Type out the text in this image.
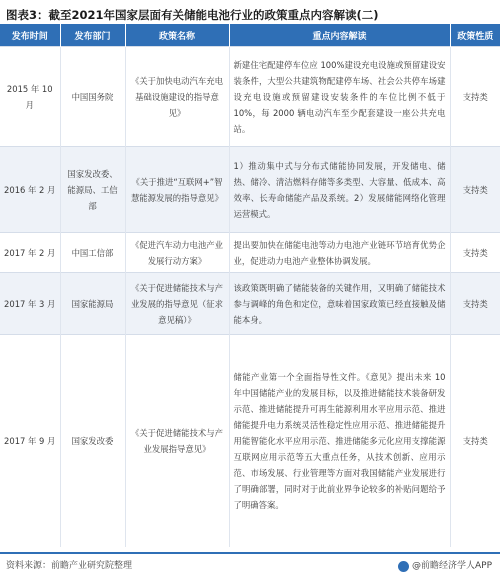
图表3：截至2021年国家层面有关储能电池行业的政策重点内容解读(二)
发布时间	发布部门	政策名称	重点内容解读	政策性质
2015 年 10 月	中国国务院	《关于加快电动汽车充电基础设施建设的指导意见》	新建住宅配建停车位应 100%建设充电设施或预留建设安装条件，大型公共建筑物配建停车场、社会公共停车场建设充电设施或预留建设安装条件的车位比例不低于 10%，每 2000 辆电动汽车至少配套建设一座公共充电站。	支持类
2016 年 2 月	国家发改委、能源局、工信部	《关于推进“互联网+”智慧能源发展的指导意见》	1）推动集中式与分布式储能协同发展，开发储电、储热、储冷、清洁燃料存储等多类型、大容量、低成本、高效率、长寿命储能产品及系统。2）发展储能网络化管理运营模式。	支持类
2017 年 2 月	中国工信部	《促进汽车动力电池产业发展行动方案》	提出要加快在储能电池等动力电池产业链环节培育优势企业，促进动力电池产业整体协调发展。	支持类
2017 年 3 月	国家能源局	《关于促进储能技术与产业发展的指导意见（征求意见稿）》	该政策既明确了储能装备的关键作用，又明确了储能技术参与调峰的角色和定位，意味着国家政策已经直接触及储能本身。	支持类
2017 年 9 月	国家发改委	《关于促进储能技术与产业发展指导意见》	储能产业第一个全面指导性文件。《意见》提出未来 10 年中国储能产业的发展目标，以及推进储能技术装备研发示范、推进储能提升可再生能源利用水平应用示范、推进储能提升电力系统灵活性稳定性应用示范、推进储能提升用能智能化水平应用示范、推进储能多元化应用支撑能源互联网应用示范等五大重点任务，从技术创新、应用示范、市场发展、行业管理等方面对我国储能产业发展进行了明确部署，同时对于此前业界争论较多的补贴问题给予了明确答案。	支持类
资料来源：前瞻产业研究院整理	@前瞻经济学人APP
